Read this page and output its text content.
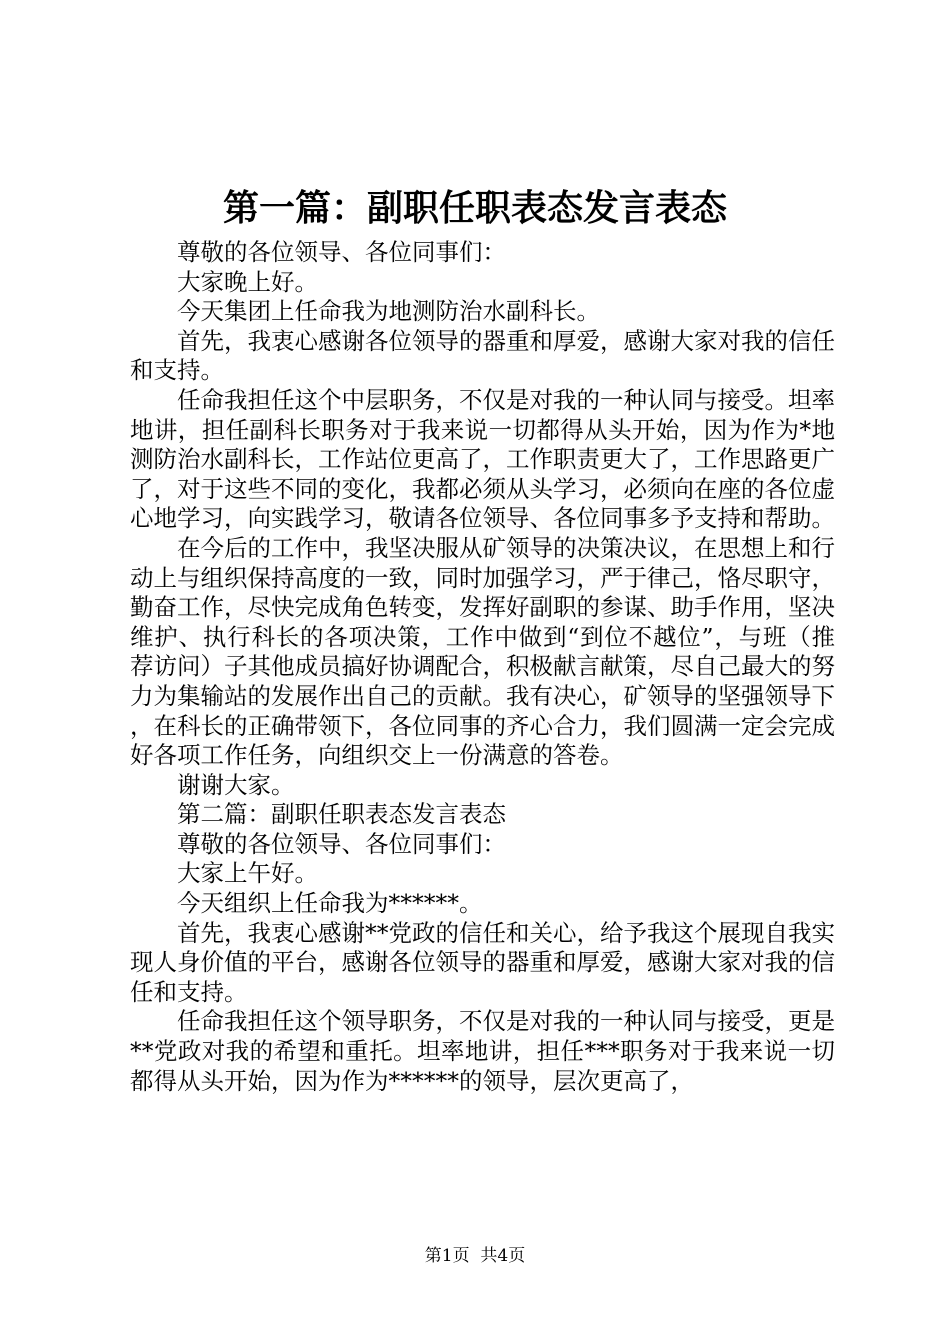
第一篇：副职任职表态发言表态

尊敬的各位领导、各位同事们：

大家晚上好。

今天集团上任命我为地测防治水副科长。

首先，我衷心感谢各位领导的器重和厚爱，感谢大家对我的信任和支持。

任命我担任这个中层职务，不仅是对我的一种认同与接受。坦率地讲，担任副科长职务对于我来说一切都得从头开始，因为作为*地测防治水副科长，工作站位更高了，工作职责更大了，工作思路更广了，对于这些不同的变化，我都必须从头学习，必须向在座的各位虚心地学习，向实践学习，敬请各位领导、各位同事多予支持和帮助。

在今后的工作中，我坚决服从矿领导的决策决议，在思想上和行动上与组织保持高度的一致，同时加强学习，严于律己，恪尽职守，勤奋工作，尽快完成角色转变，发挥好副职的参谋、助手作用，坚决维护、执行科长的各项决策，工作中做到“到位不越位”，与班（推荐访问）子其他成员搞好协调配合，积极献言献策，尽自己最大的努力为集输站的发展作出自己的贡献。我有决心，矿领导的坚强领导下，在科长的正确带领下，各位同事的齐心合力，我们圆满一定会完成好各项工作任务，向组织交上一份满意的答卷。

谢谢大家。

第二篇：副职任职表态发言表态

尊敬的各位领导、各位同事们：

大家上午好。

今天组织上任命我为******。

首先，我衷心感谢**党政的信任和关心，给予我这个展现自我实现人身价值的平台，感谢各位领导的器重和厚爱，感谢大家对我的信任和支持。

任命我担任这个领导职务，不仅是对我的一种认同与接受，更是**党政对我的希望和重托。坦率地讲，担任***职务对于我来说一切都得从头开始，因为作为******的领导，层次更高了，

第1页  共4页
